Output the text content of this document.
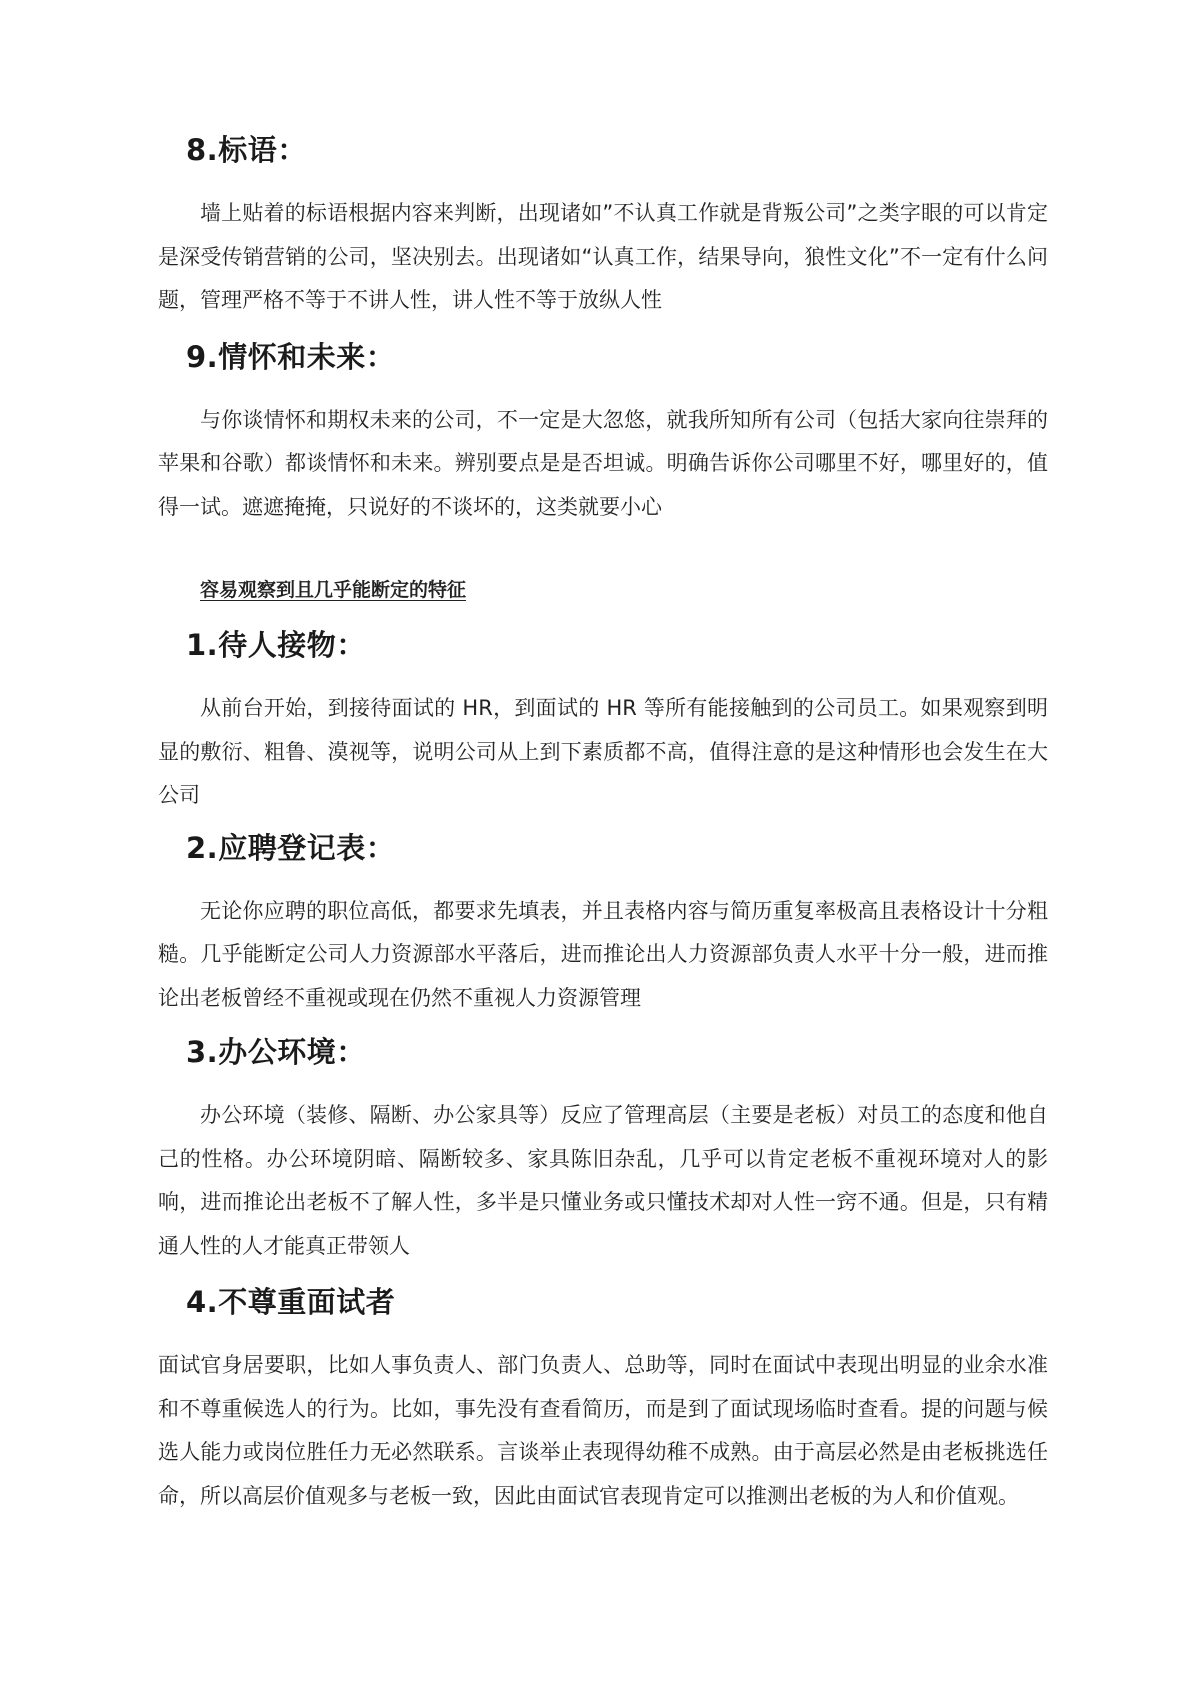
8.标语：

墙上贴着的标语根据内容来判断，出现诸如”不认真工作就是背叛公司”之类字眼的可以肯定是深受传销营销的公司，坚决别去。出现诸如“认真工作，结果导向，狼性文化”不一定有什么问题，管理严格不等于不讲人性，讲人性不等于放纵人性

9.情怀和未来：

与你谈情怀和期权未来的公司，不一定是大忽悠，就我所知所有公司（包括大家向往崇拜的苹果和谷歌）都谈情怀和未来。辨别要点是是否坦诚。明确告诉你公司哪里不好，哪里好的，值得一试。遮遮掩掩，只说好的不谈坏的，这类就要小心

容易观察到且几乎能断定的特征
1.待人接物：

从前台开始，到接待面试的 HR，到面试的 HR 等所有能接触到的公司员工。如果观察到明显的敷衍、粗鲁、漠视等，说明公司从上到下素质都不高，值得注意的是这种情形也会发生在大公司

2.应聘登记表：

无论你应聘的职位高低，都要求先填表，并且表格内容与简历重复率极高且表格设计十分粗糙。几乎能断定公司人力资源部水平落后，进而推论出人力资源部负责人水平十分一般，进而推论出老板曾经不重视或现在仍然不重视人力资源管理

3.办公环境：

办公环境（装修、隔断、办公家具等）反应了管理高层（主要是老板）对员工的态度和他自己的性格。办公环境阴暗、隔断较多、家具陈旧杂乱，几乎可以肯定老板不重视环境对人的影响，进而推论出老板不了解人性，多半是只懂业务或只懂技术却对人性一窍不通。但是，只有精通人性的人才能真正带领人

4.不尊重面试者

面试官身居要职，比如人事负责人、部门负责人、总助等，同时在面试中表现出明显的业余水准和不尊重候选人的行为。比如，事先没有查看简历，而是到了面试现场临时查看。提的问题与候选人能力或岗位胜任力无必然联系。言谈举止表现得幼稚不成熟。由于高层必然是由老板挑选任命，所以高层价值观多与老板一致，因此由面试官表现肯定可以推测出老板的为人和价值观。
